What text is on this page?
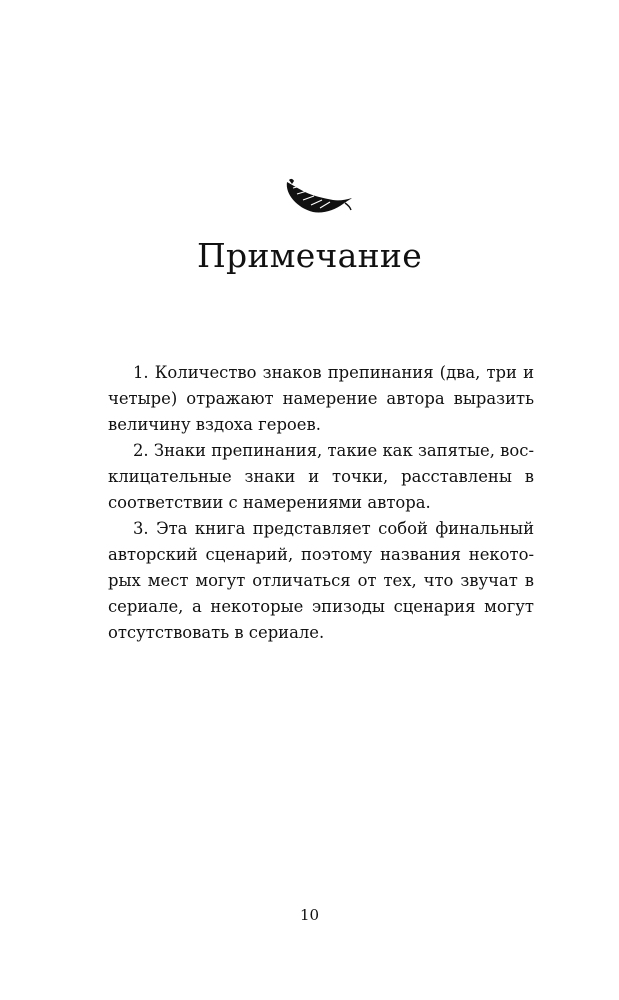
Примечание

1. Количество знаков препинания (два, три и четыре) отражают намерение автора выразить величину вздоха героев.

2. Знаки препинания, такие как запятые, восклицательные знаки и точки, расставлены в соответствии с намерениями автора.

3. Эта книга представляет собой финальный авторский сценарий, поэтому названия некоторых мест могут отличаться от тех, что звучат в сериале, а некоторые эпизоды сценария могут отсутствовать в сериале.

10
